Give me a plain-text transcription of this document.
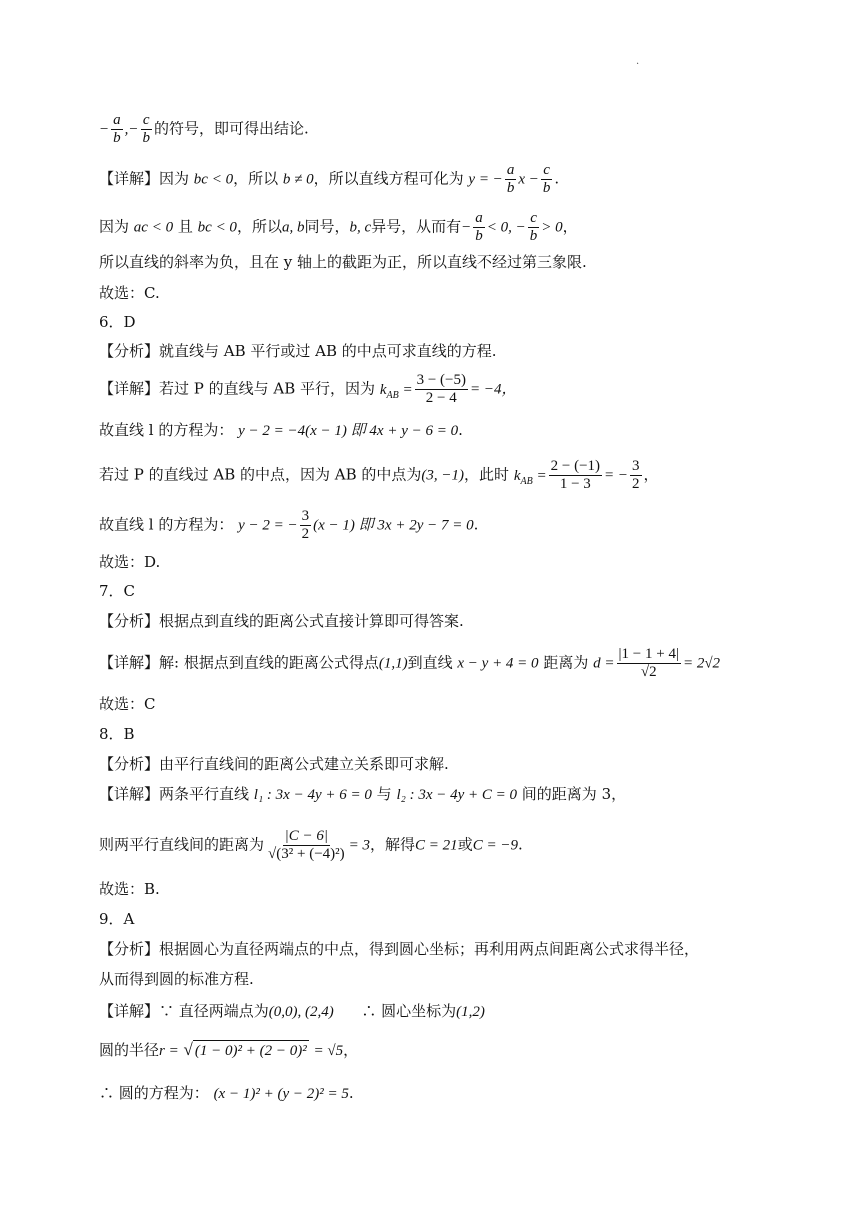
.
− $\frac{a}{b}$ ,− $\frac{c}{b}$ 的符号，即可得出结论.
【详解】因为 bc < 0，所以 b ≠ 0，所以直线方程可化为 y = − $\frac{a}{b}$ $x - \frac{c}{b}$ .
因为 ac < 0 且 bc < 0，所以a, b同号，b, c异号，从而有− $\frac{a}{b} < 0$, − $\frac{c}{b} > 0$，
所以直线的斜率为负，且在 y 轴上的截距为正，所以直线不经过第三象限.
故选：C.
6．D
【分析】就直线与 AB 平行或过 AB 的中点可求直线的方程.
【详解】若过 P 的直线与 AB 平行，因为 $k_{AB} = \frac{3 - (-5)}{2 - 4} = -4$，
故直线 l 的方程为： y − 2 = −4(x − 1) 即 4x + y − 6 = 0.
若过 P 的直线过 AB 的中点，因为 AB 的中点为(3, −1)，此时 $k_{AB} = \frac{2 - (-1)}{1 - 3}$ = − $\frac{3}{2}$ ，
故直线 l 的方程为： y − 2 = − $\frac{3}{2} (x - 1)$ 即 3x + 2y − 7 = 0.
故选：D.
7．C
【分析】根据点到直线的距离公式直接计算即可得答案.
【详解】解: 根据点到直线的距离公式得点(1,1)到直线 x − y + 4 = 0 距离为 $d = \frac{|1 - 1 + 4|}{√2} = 2√2$
故选：C
8．B
【分析】由平行直线间的距离公式建立关系即可求解.
【详解】两条平行直线 l₁ : 3x − 4y + 6 = 0 与 l₂ : 3x − 4y + C = 0 间的距离为 3，
则两平行直线间的距离为 $\frac{|C - 6|}{\text{√(3² + (−4)²)}} = 3$，解得C = 21或C = −9.
故选：B.
9．A
【分析】根据圆心为直径两端点的中点，得到圆心坐标；再利用两点间距离公式求得半径，
从而得到圆的标准方程.
【详解】∵ 直径两端点为(0,0), (2,4) ∴ 圆心坐标为(1,2)
圆的半径r = √ (1 − 0)² + (2 − 0)² = √5，
∴ 圆的方程为： (x − 1)² + (y − 2)² = 5.
